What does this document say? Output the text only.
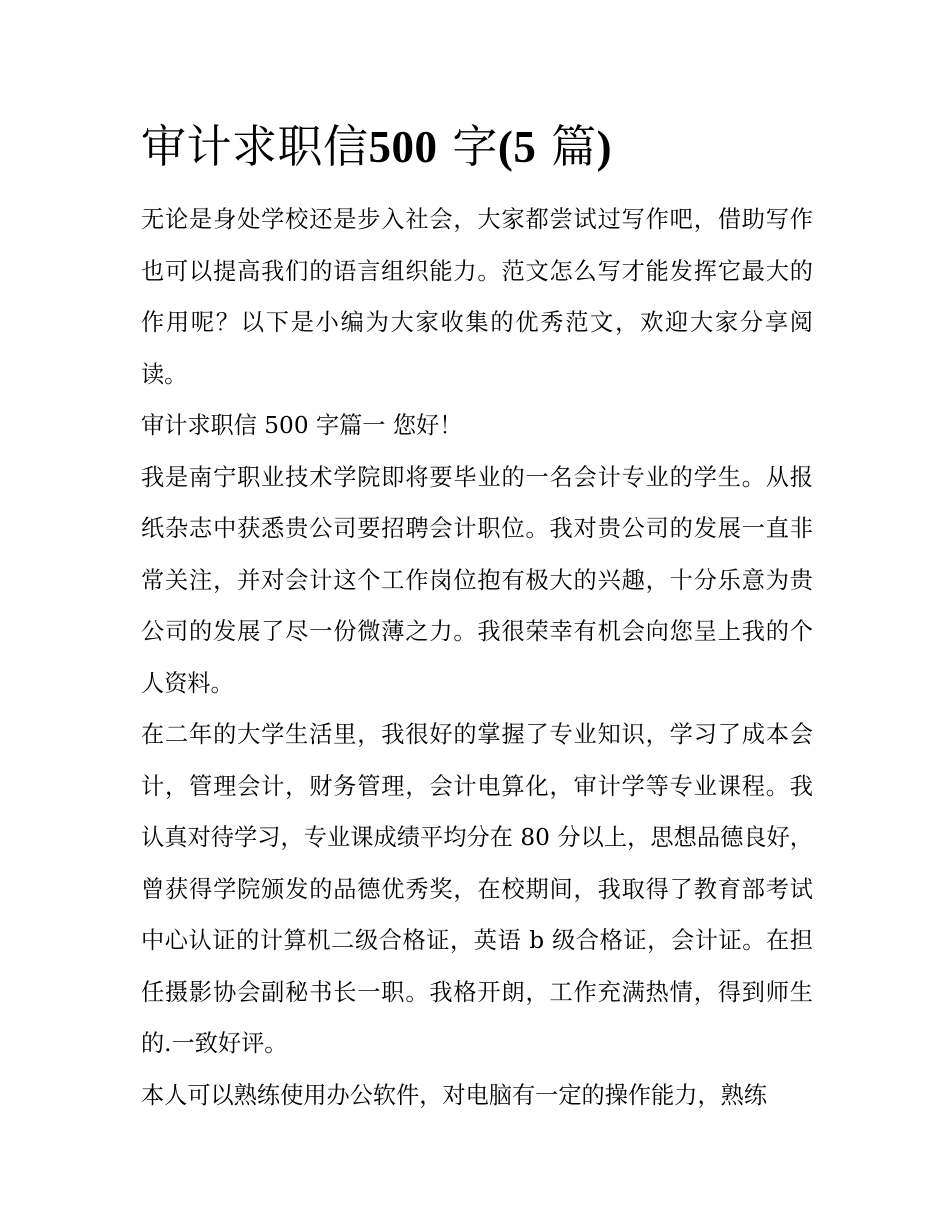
审计求职信500 字(5 篇)

无论是身处学校还是步入社会，大家都尝试过写作吧，借助写作也可以提高我们的语言组织能力。范文怎么写才能发挥它最大的作用呢？以下是小编为大家收集的优秀范文，欢迎大家分享阅读。

审计求职信 500 字篇一 您好！

我是南宁职业技术学院即将要毕业的一名会计专业的学生。从报纸杂志中获悉贵公司要招聘会计职位。我对贵公司的发展一直非常关注，并对会计这个工作岗位抱有极大的兴趣，十分乐意为贵公司的发展了尽一份微薄之力。我很荣幸有机会向您呈上我的个人资料。

在二年的大学生活里，我很好的掌握了专业知识，学习了成本会计，管理会计，财务管理，会计电算化，审计学等专业课程。我认真对待学习，专业课成绩平均分在 80 分以上，思想品德良好，曾获得学院颁发的品德优秀奖，在校期间，我取得了教育部考试中心认证的计算机二级合格证，英语 b 级合格证，会计证。在担任摄影协会副秘书长一职。我格开朗，工作充满热情，得到师生的.一致好评。

本人可以熟练使用办公软件，对电脑有一定的操作能力，熟练
